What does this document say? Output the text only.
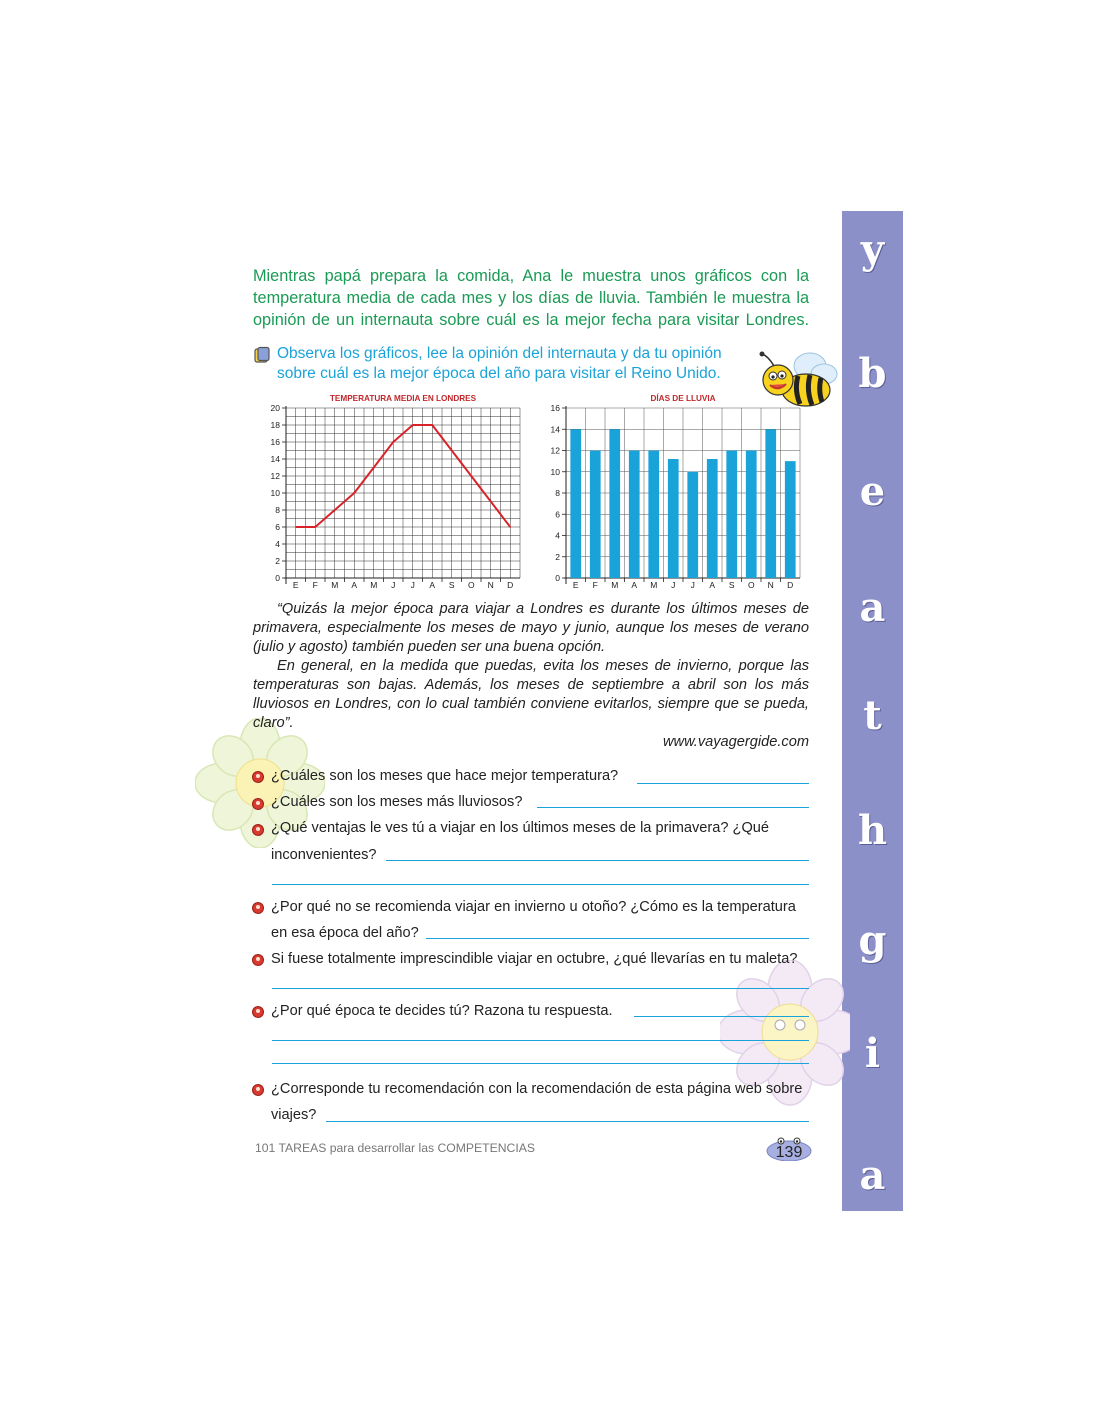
y
b
e
a
t
h
g
i
a

Mientras papá prepara la comida, Ana le muestra unos gráficos con la

temperatura media de cada mes y los días de lluvia. También le muestra la

opinión de un internauta sobre cuál es la mejor fecha para visitar Londres.

Observa los gráficos, lee la opinión del internauta y da tu opinión

sobre cuál es la mejor época del año para visitar el Reino Unido.

TEMPERATURA MEDIA EN LONDRES
0
2
4
6
8
10
12
14
16
18
20
E F M A M J J A S O N D
DÍAS DE LLUVIA
0
2
4
6
8
10
12
14
16
E F M A M J J A S O N D

“Quizás la mejor época para viajar a Londres es durante los últimos meses de primavera, especialmente los meses de mayo y junio, aunque los meses de verano (julio y agosto) también pueden ser una buena opción.

En general, en la medida que puedas, evita los meses de invierno, porque las temperaturas son bajas. Además, los meses de septiembre a abril son los más lluviosos en Londres, con lo cual también conviene evitarlos, siempre que se pueda, claro”.

www.vayagergide.com
¿Cuáles son los meses que hace mejor temperatura?
¿Cuáles son los meses más lluviosos?
¿Qué ventajas le ves tú a viajar en los últimos meses de la primavera? ¿Qué
inconvenientes?
¿Por qué no se recomienda viajar en invierno u otoño? ¿Cómo es la temperatura
en esa época del año?
Si fuese totalmente imprescindible viajar en octubre, ¿qué llevarías en tu maleta?
¿Por qué época te decides tú? Razona tu respuesta.
¿Corresponde tu recomendación con la recomendación de esta página web sobre
viajes?
101 TAREAS para desarrollar las COMPETENCIAS	139
